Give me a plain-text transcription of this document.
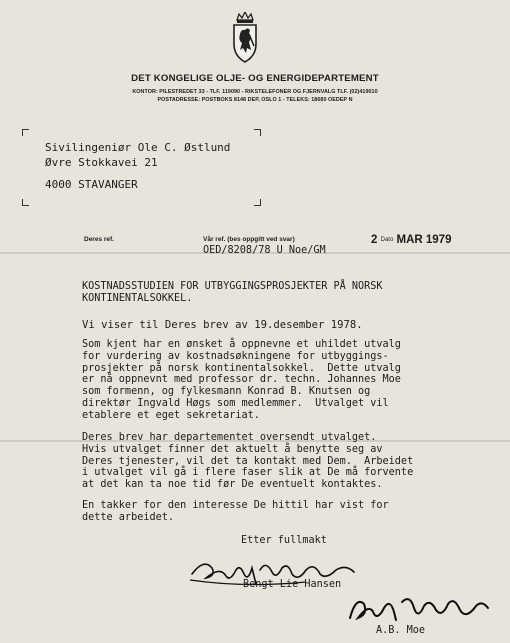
DET KONGELIGE OLJE- OG ENERGIDEPARTEMENT
KONTOR: PILESTREDET 33 - TLF. 119090 - RIKSTELEFONER OG FJERNVALG TLF. (02)419010
POSTADRESSE: POSTBOKS 8148 DEP, OSLO 1 - TELEKS: 18680 OEDEP N
Sivilingeniør Ole C. Østlund
Øvre Stokkavei 21
4000 STAVANGER
Deres ref.	Vår ref. (bes oppgitt ved svar)
OED/8208/78 U Noe/GM
2 Dato MAR 1979
KOSTNADSSTUDIEN FOR UTBYGGINGSPROSJEKTER PÅ NORSK
KONTINENTALSOKKEL.
Vi viser til Deres brev av 19.desember 1978.
Som kjent har en ønsket å oppnevne et uhildet utvalg
for vurdering av kostnadsøkningene for utbyggings-
prosjekter på norsk kontinentalsokkel.  Dette utvalg
er nå oppnevnt med professor dr. techn. Johannes Moe
som formenn, og fylkesmann Konrad B. Knutsen og
direktør Ingvald Høgs som medlemmer.  Utvalget vil
etablere et eget sekretariat.
Deres brev har departementet oversendt utvalget.
Hvis utvalget finner det aktuelt å benytte seg av
Deres tjenester, vil det ta kontakt med Dem.  Arbeidet
i utvalget vil gå i flere faser slik at De må forvente
at det kan ta noe tid før De eventuelt kontaktes.
En takker for den interesse De hittil har vist for
dette arbeidet.
Etter fullmakt
Bengt Lie Hansen
A.B. Moe
